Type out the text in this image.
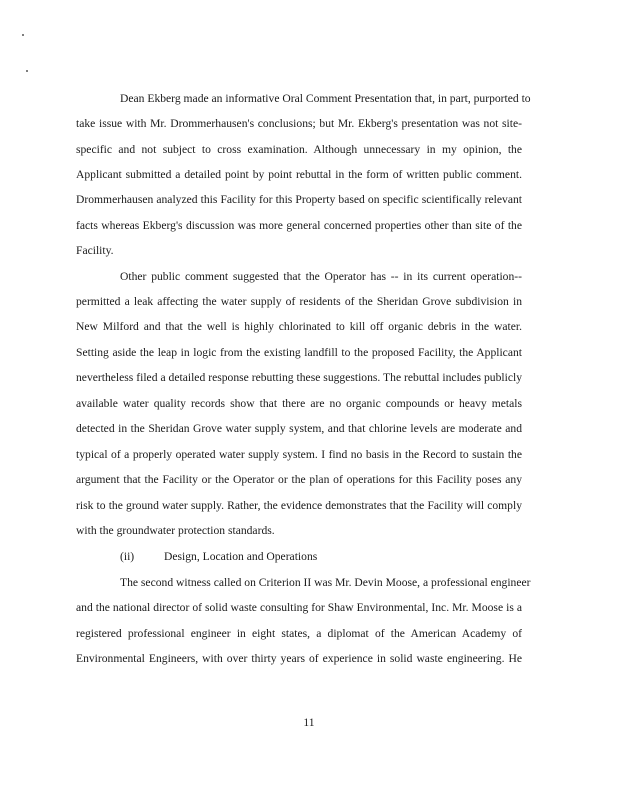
Dean Ekberg made an informative Oral Comment Presentation that, in part, purported to
take issue with Mr. Drommerhausen's conclusions; but Mr. Ekberg's presentation was not site-
specific and not subject to cross examination. Although unnecessary in my opinion, the
Applicant submitted a detailed point by point rebuttal in the form of written public comment.
Drommerhausen analyzed this Facility for this Property based on specific scientifically relevant
facts whereas Ekberg's discussion was more general concerned properties other than site of the
Facility.
Other public comment suggested that the Operator has -- in its current operation--
permitted a leak affecting the water supply of residents of the Sheridan Grove subdivision in
New Milford and that the well is highly chlorinated to kill off organic debris in the water.
Setting aside the leap in logic from the existing landfill to the proposed Facility, the Applicant
nevertheless filed a detailed response rebutting these suggestions. The rebuttal includes publicly
available water quality records show that there are no organic compounds or heavy metals
detected in the Sheridan Grove water supply system, and that chlorine levels are moderate and
typical of a properly operated water supply system. I find no basis in the Record to sustain the
argument that the Facility or the Operator or the plan of operations for this Facility poses any
risk to the ground water supply. Rather, the evidence demonstrates that the Facility will comply
with the groundwater protection standards.
(ii)	Design, Location and Operations
The second witness called on Criterion II was Mr. Devin Moose, a professional engineer
and the national director of solid waste consulting for Shaw Environmental, Inc. Mr. Moose is a
registered professional engineer in eight states, a diplomat of the American Academy of
Environmental Engineers, with over thirty years of experience in solid waste engineering. He
11
